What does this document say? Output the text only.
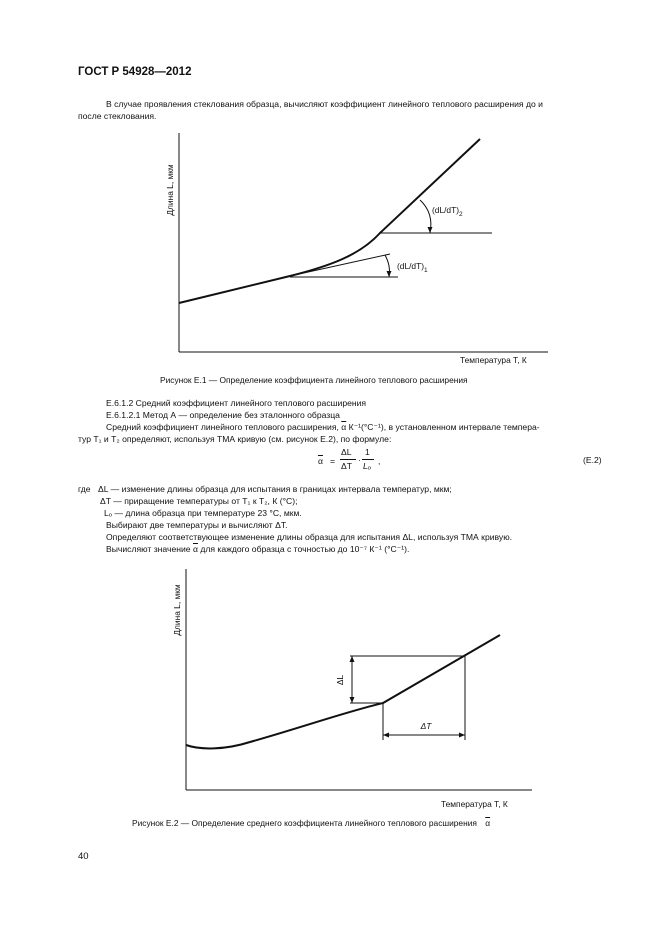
ГОСТ Р 54928—2012
В случае проявления стеклования образца, вычисляют коэффициент линейного теплового расширения до и
после стеклования.
Длина L, мкм
Температура T, К
$(dL/dT)_1$
$(dL/dT)_2$
Длина L, мкм
ΔL
ΔT
Температура T, К
Рисунок Е.1 — Определение коэффициента линейного теплового расширения
Е.6.1.2 Средний коэффициент линейного теплового расширения
Е.6.1.2.1 Метод А — определение без эталонного образца
Средний коэффициент линейного теплового расширения, $\overline{\alpha}$ К⁻¹(°С⁻¹), в установленном интервале темпера-
тур Т₁ и Т₂ определяют, используя ТМА кривую (см. рисунок Е.2), по формуле:
$\overline{\alpha}$ =
ΔL
ΔT
·
1
Lₒ ,	(Е.2)
где ΔL — изменение длины образца для испытания в границах интервала температур, мкм;
ΔT — приращение температуры от Т₁ к Т₂, К (°С);
Lₒ — длина образца при температуре 23 °С, мкм.
Выбирают две температуры и вычисляют ΔT.
Определяют соответствующее изменение длины образца для испытания ΔL, используя ТМА кривую.
Вычисляют значение $\overline{\alpha}$ для каждого образца с точностью до 10⁻⁷ К⁻¹ (°С⁻¹).
Рисунок Е.2 — Определение среднего коэффициента линейного теплового расширения $\overline{\alpha}$
40
